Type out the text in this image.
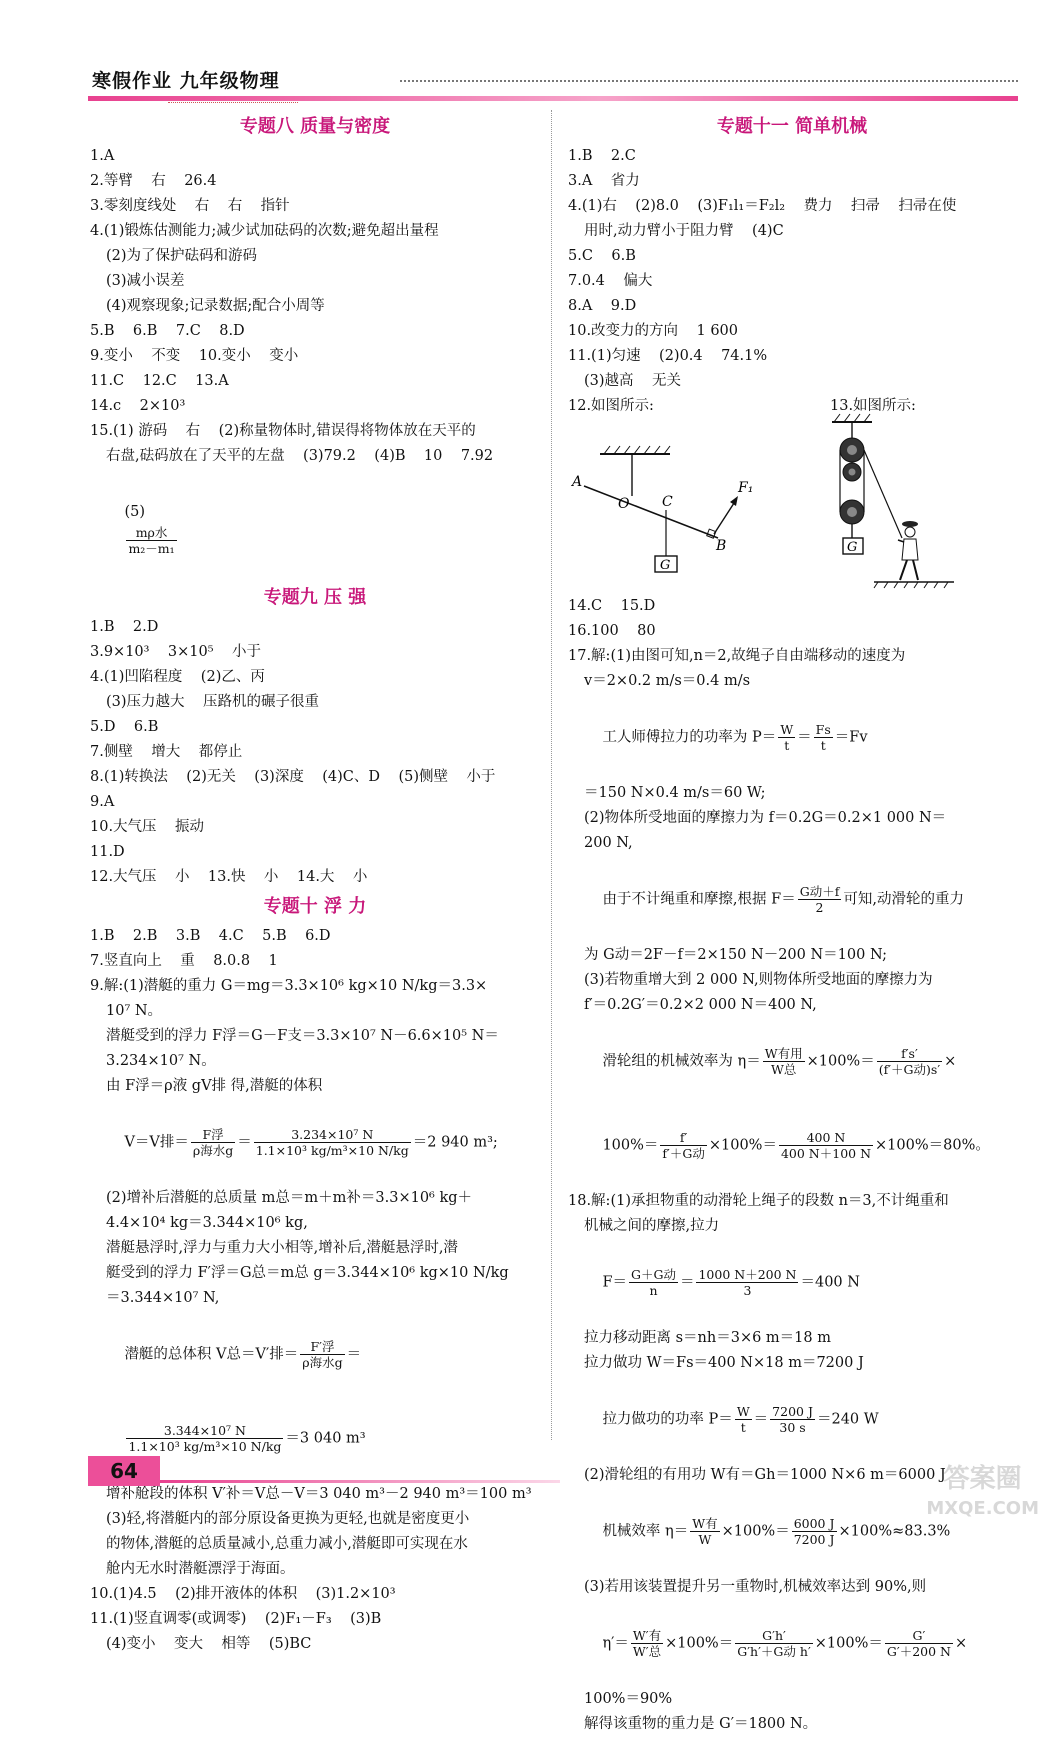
寒假作业 九年级物理
专题八 质量与密度
1.A
2.等臂    右    26.4
3.零刻度线处    右    右    指针
4.(1)锻炼估测能力;减少试加砝码的次数;避免超出量程
(2)为了保护砝码和游码
(3)减小误差
(4)观察现象;记录数据;配合小周等
5.B    6.B    7.C    8.D
9.变小    不变    10.变小    变小
11.C    12.C    13.A
14.c    2×10³
15.(1) 游码    右    (2)称量物体时,错误得将物体放在天平的
右盘,砝码放在了天平的左盘    (3)79.2    (4)B    10    7.92

(5)

$\frac{\text{mρ水}}{\text{m₂－m₁}}$

专题九 压 强
1.B    2.D
3.9×10³    3×10⁵    小于
4.(1)凹陷程度    (2)乙、丙
(3)压力越大    压路机的碾子很重
5.D    6.B
7.侧壁    增大    都停止
8.(1)转换法    (2)无关    (3)深度    (4)C、D    (5)侧壁    小于
9.A
10.大气压    振动
11.D
12.大气压    小    13.快    小    14.大    小
专题十 浮 力
1.B    2.B    3.B    4.C    5.B    6.D
7.竖直向上    重    8.0.8    1
9.解:(1)潜艇的重力 G＝mg＝3.3×10⁶ kg×10 N/kg＝3.3×
10⁷ N。
潜艇受到的浮力 F浮＝G－F支＝3.3×10⁷ N－6.6×10⁵ N＝
3.234×10⁷ N。
由 F浮＝ρ液 gV排 得,潜艇的体积

V＝V排＝ $\frac{\text{F浮}}{\text{ρ海水g}} = \frac{\text{3.234×10⁷ N}}{\text{1.1×10³ kg/m³×10 N/kg}} =2$ 940 m³;

(2)增补后潜艇的总质量 m总＝m＋m补＝3.3×10⁶ kg＋
4.4×10⁴ kg＝3.344×10⁶ kg,
潜艇悬浮时,浮力与重力大小相等,增补后,潜艇悬浮时,潜
艇受到的浮力 F′浮＝G总＝m总 g＝3.344×10⁶ kg×10 N/kg
＝3.344×10⁷ N,

潜艇的总体积 V总＝V′排＝ $\frac{\text{F′浮}}{\text{ρ海水g}}$ ＝

$\frac{\text{3.344×10⁷ N}}{\text{1.1×10³ kg/m³×10 N/kg}} =3$ 040 m³

增补舱段的体积 V′补＝V总－V＝3 040 m³－2 940 m³＝100 m³
(3)轻,将潜艇内的部分原设备更换为更轻,也就是密度更小
的物体,潜艇的总质量减小,总重力减小,潜艇即可实现在水
舱内无水时潜艇漂浮于海面。
10.(1)4.5    (2)排开液体的体积    (3)1.2×10³
11.(1)竖直调零(或调零)    (2)F₁－F₃    (3)B
(4)变小    变大    相等    (5)BC
专题十一 简单机械
1.B    2.C
3.A    省力
4.(1)右    (2)8.0    (3)F₁l₁＝F₂l₂    费力    扫帚    扫帚在使
用时,动力臂小于阻力臂    (4)C
5.C    6.B
7.0.4    偏大
8.A    9.D
10.改变力的方向    1 600
11.(1)匀速    (2)0.4    74.1%
(3)越高    无关
12.如图所示:	13.如图所示:
A
O C
B
F₁
G
G
14.C    15.D
16.100    80
17.解:(1)由图可知,n＝2,故绳子自由端移动的速度为
v＝2×0.2 m/s＝0.4 m/s

工人师傅拉力的功率为 $P= \frac{W}{t} = \frac{Fs}{t} =Fv$

＝150 N×0.4 m/s＝60 W;
(2)物体所受地面的摩擦力为 f＝0.2G＝0.2×1 000 N＝
200 N,

由于不计绳重和摩擦,根据 $F= \frac{\text{G动＋f}}{2}$ 可知,动滑轮的重力

为 G动＝2F－f＝2×150 N－200 N＝100 N;
(3)若物重增大到 2 000 N,则物体所受地面的摩擦力为
f′＝0.2G′＝0.2×2 000 N＝400 N,

滑轮组的机械效率为 $\eta= \frac{\text{W有用}}{\text{W总}} \times 100\%= \frac{f's'}{\text{(f′＋G动)s′}}$ ×

$100\%= \frac{f'}{\text{f′＋G动}} \times 100\%= \frac{400 N}{400 N+100 N} \times 100\%=80\%$。

18.解:(1)承担物重的动滑轮上绳子的段数 n＝3,不计绳重和
机械之间的摩擦,拉力

$F= \frac{\text{G＋G动}}{n} = \frac{1000 N+200 N}{3} =400$ N

拉力移动距离 s＝nh＝3×6 m＝18 m
拉力做功 W＝Fs＝400 N×18 m＝7200 J

拉力做功的功率 $P= \frac{W}{t} = \frac{7200 J}{30 s} =240$ W

(2)滑轮组的有用功 W有＝Gh＝1000 N×6 m＝6000 J

机械效率 $\eta= \frac{\text{W有}}{W} \times 100\%= \frac{6000 J}{7200 J} \times 100\%\approx 83.3\%$

(3)若用该装置提升另一重物时,机械效率达到 90%,则

$\eta'= \frac{\text{W′有}}{\text{W′总}} \times 100\%= \frac{G'h'}{\text{G′h′＋G动 h′}} \times 100\%= \frac{G'}{G'+200 N}$ ×

100%＝90%
解得该重物的重力是 G′＝1800 N。
64	答案圈
MXQE.COM
